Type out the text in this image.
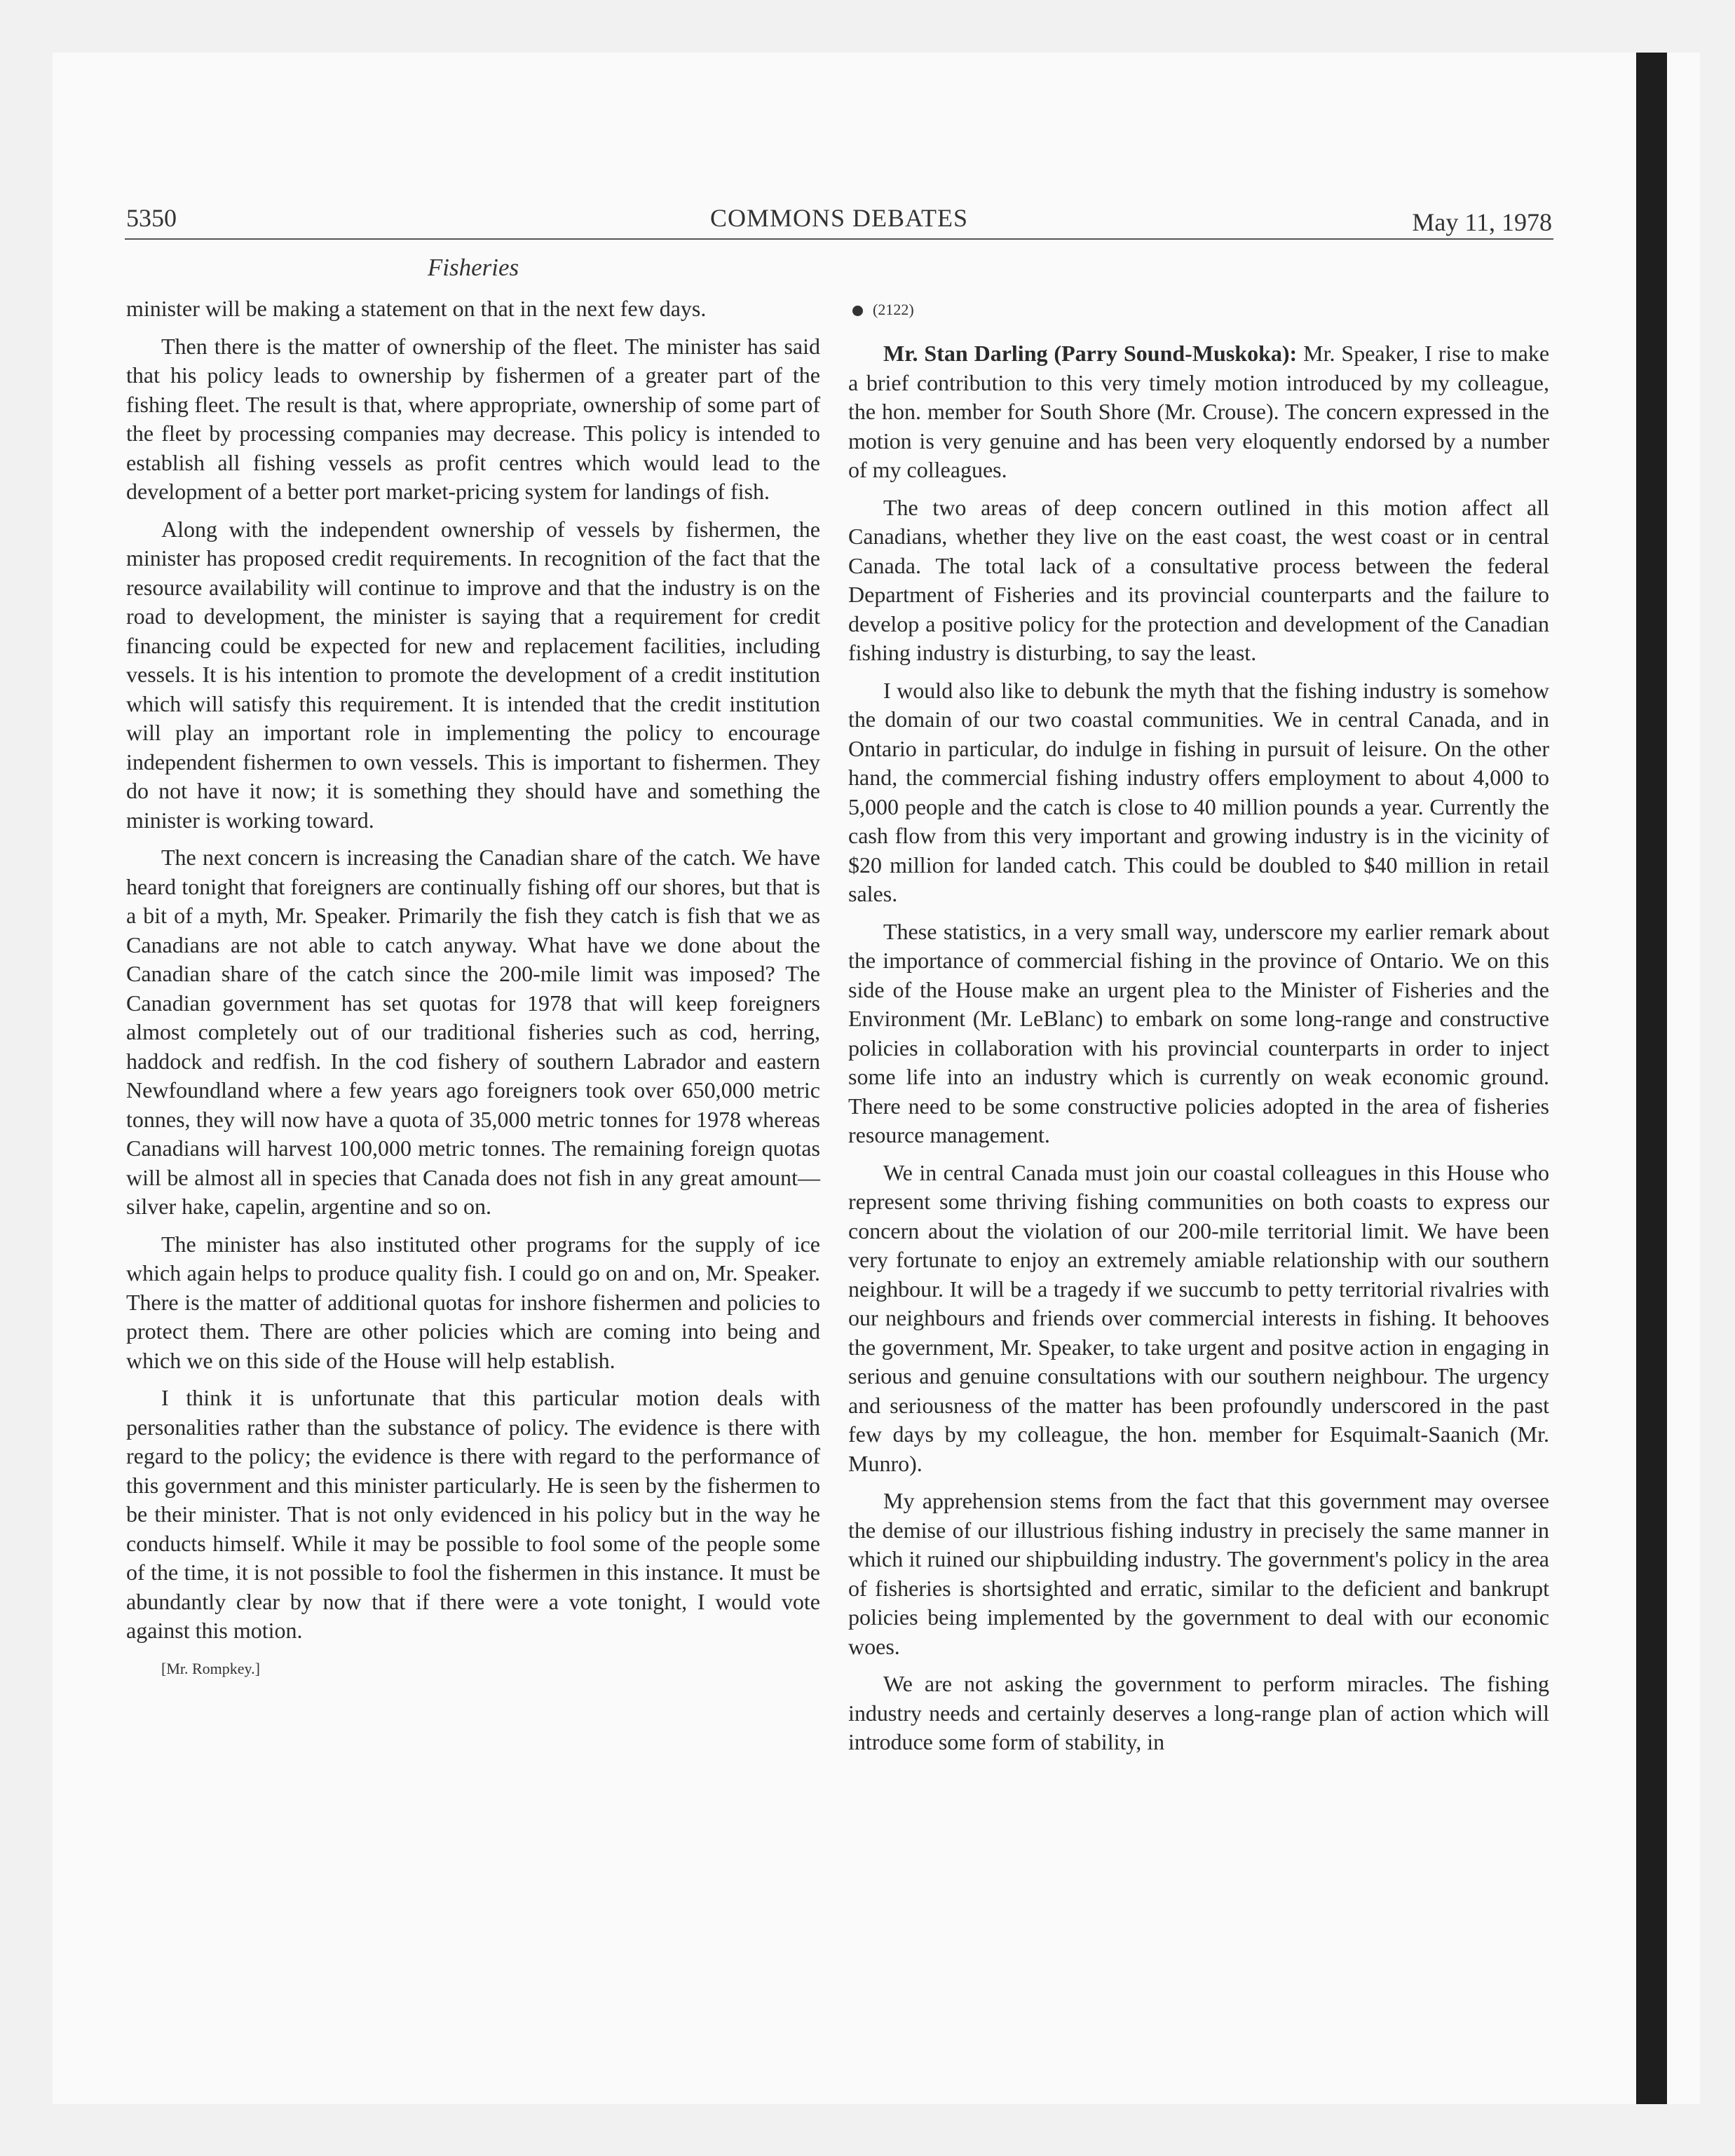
5350	COMMONS DEBATES	May 11, 1978
Fisheries

minister will be making a statement on that in the next few days.

Then there is the matter of ownership of the fleet. The minister has said that his policy leads to ownership by fishermen of a greater part of the fishing fleet. The result is that, where appropriate, ownership of some part of the fleet by processing companies may decrease. This policy is intended to establish all fishing vessels as profit centres which would lead to the development of a better port market-pricing system for landings of fish.

Along with the independent ownership of vessels by fishermen, the minister has proposed credit requirements. In recognition of the fact that the resource availability will continue to improve and that the industry is on the road to development, the minister is saying that a requirement for credit financing could be expected for new and replacement facilities, including vessels. It is his intention to promote the development of a credit institution which will satisfy this requirement. It is intended that the credit institution will play an important role in implementing the policy to encourage independent fishermen to own vessels. This is important to fishermen. They do not have it now; it is something they should have and something the minister is working toward.

The next concern is increasing the Canadian share of the catch. We have heard tonight that foreigners are continually fishing off our shores, but that is a bit of a myth, Mr. Speaker. Primarily the fish they catch is fish that we as Canadians are not able to catch anyway. What have we done about the Canadian share of the catch since the 200-mile limit was imposed? The Canadian government has set quotas for 1978 that will keep foreigners almost completely out of our traditional fisheries such as cod, herring, haddock and redfish. In the cod fishery of southern Labrador and eastern Newfoundland where a few years ago foreigners took over 650,000 metric tonnes, they will now have a quota of 35,000 metric tonnes for 1978 whereas Canadians will harvest 100,000 metric tonnes. The remaining foreign quotas will be almost all in species that Canada does not fish in any great amount—silver hake, capelin, argentine and so on.

The minister has also instituted other programs for the supply of ice which again helps to produce quality fish. I could go on and on, Mr. Speaker. There is the matter of additional quotas for inshore fishermen and policies to protect them. There are other policies which are coming into being and which we on this side of the House will help establish.

I think it is unfortunate that this particular motion deals with personalities rather than the substance of policy. The evidence is there with regard to the policy; the evidence is there with regard to the performance of this government and this minister particularly. He is seen by the fishermen to be their minister. That is not only evidenced in his policy but in the way he conducts himself. While it may be possible to fool some of the people some of the time, it is not possible to fool the fishermen in this instance. It must be abundantly clear by now that if there were a vote tonight, I would vote against this motion.

[Mr. Rompkey.]

(2122)

Mr. Stan Darling (Parry Sound-Muskoka): Mr. Speaker, I rise to make a brief contribution to this very timely motion introduced by my colleague, the hon. member for South Shore (Mr. Crouse). The concern expressed in the motion is very genuine and has been very eloquently endorsed by a number of my colleagues.

The two areas of deep concern outlined in this motion affect all Canadians, whether they live on the east coast, the west coast or in central Canada. The total lack of a consultative process between the federal Department of Fisheries and its provincial counterparts and the failure to develop a positive policy for the protection and development of the Canadian fishing industry is disturbing, to say the least.

I would also like to debunk the myth that the fishing industry is somehow the domain of our two coastal communities. We in central Canada, and in Ontario in particular, do indulge in fishing in pursuit of leisure. On the other hand, the commercial fishing industry offers employment to about 4,000 to 5,000 people and the catch is close to 40 million pounds a year. Currently the cash flow from this very important and growing industry is in the vicinity of $20 million for landed catch. This could be doubled to $40 million in retail sales.

These statistics, in a very small way, underscore my earlier remark about the importance of commercial fishing in the province of Ontario. We on this side of the House make an urgent plea to the Minister of Fisheries and the Environment (Mr. LeBlanc) to embark on some long-range and constructive policies in collaboration with his provincial counterparts in order to inject some life into an industry which is currently on weak economic ground. There need to be some constructive policies adopted in the area of fisheries resource management.

We in central Canada must join our coastal colleagues in this House who represent some thriving fishing communities on both coasts to express our concern about the violation of our 200-mile territorial limit. We have been very fortunate to enjoy an extremely amiable relationship with our southern neighbour. It will be a tragedy if we succumb to petty territorial rivalries with our neighbours and friends over commercial interests in fishing. It behooves the government, Mr. Speaker, to take urgent and positve action in engaging in serious and genuine consultations with our southern neighbour. The urgency and seriousness of the matter has been profoundly underscored in the past few days by my colleague, the hon. member for Esquimalt-Saanich (Mr. Munro).

My apprehension stems from the fact that this government may oversee the demise of our illustrious fishing industry in precisely the same manner in which it ruined our shipbuilding industry. The government's policy in the area of fisheries is shortsighted and erratic, similar to the deficient and bankrupt policies being implemented by the government to deal with our economic woes.

We are not asking the government to perform miracles. The fishing industry needs and certainly deserves a long-range plan of action which will introduce some form of stability, in
